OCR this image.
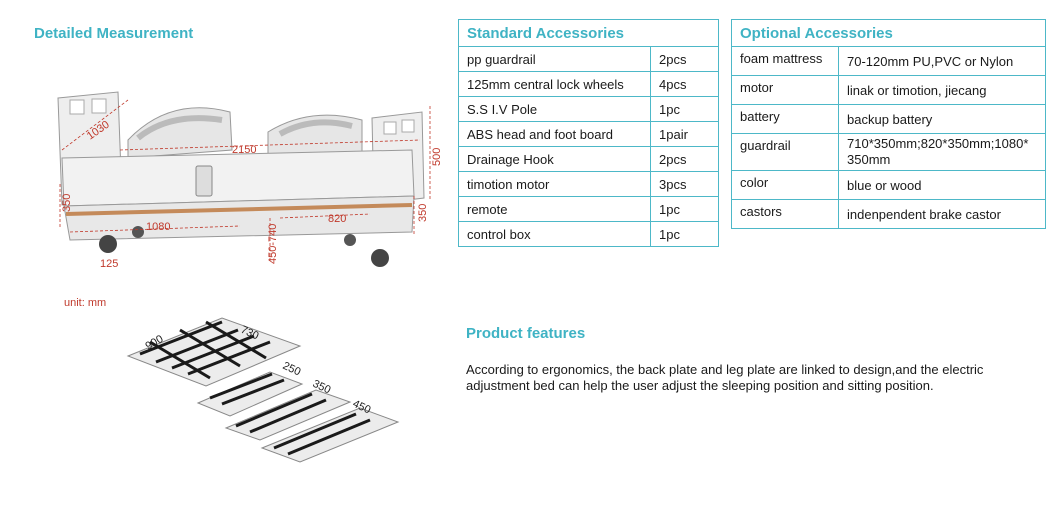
Detailed Measurement
1030
2150	500
350
350
1080
820
450-740
125
900	730
250
350
450
unit: mm
Standard Accessories	
pp guardrail	2pcs
125mm central lock wheels	4pcs
S.S I.V Pole	1pc
ABS head and foot board	1pair
Drainage Hook	2pcs
timotion motor	3pcs
remote	1pc
control box	1pc
Optional Accessories	
foam mattress	70-120mm PU,PVC or Nylon
motor	linak or timotion, jiecang
battery	backup battery
guardrail	710*350mm;820*350mm;1080* 350mm
color	blue or wood
castors	indenpendent brake castor
Product features
According to ergonomics, the back plate and leg plate are linked to design,and the electric adjustment bed can help the user adjust the sleeping position and sitting position.
